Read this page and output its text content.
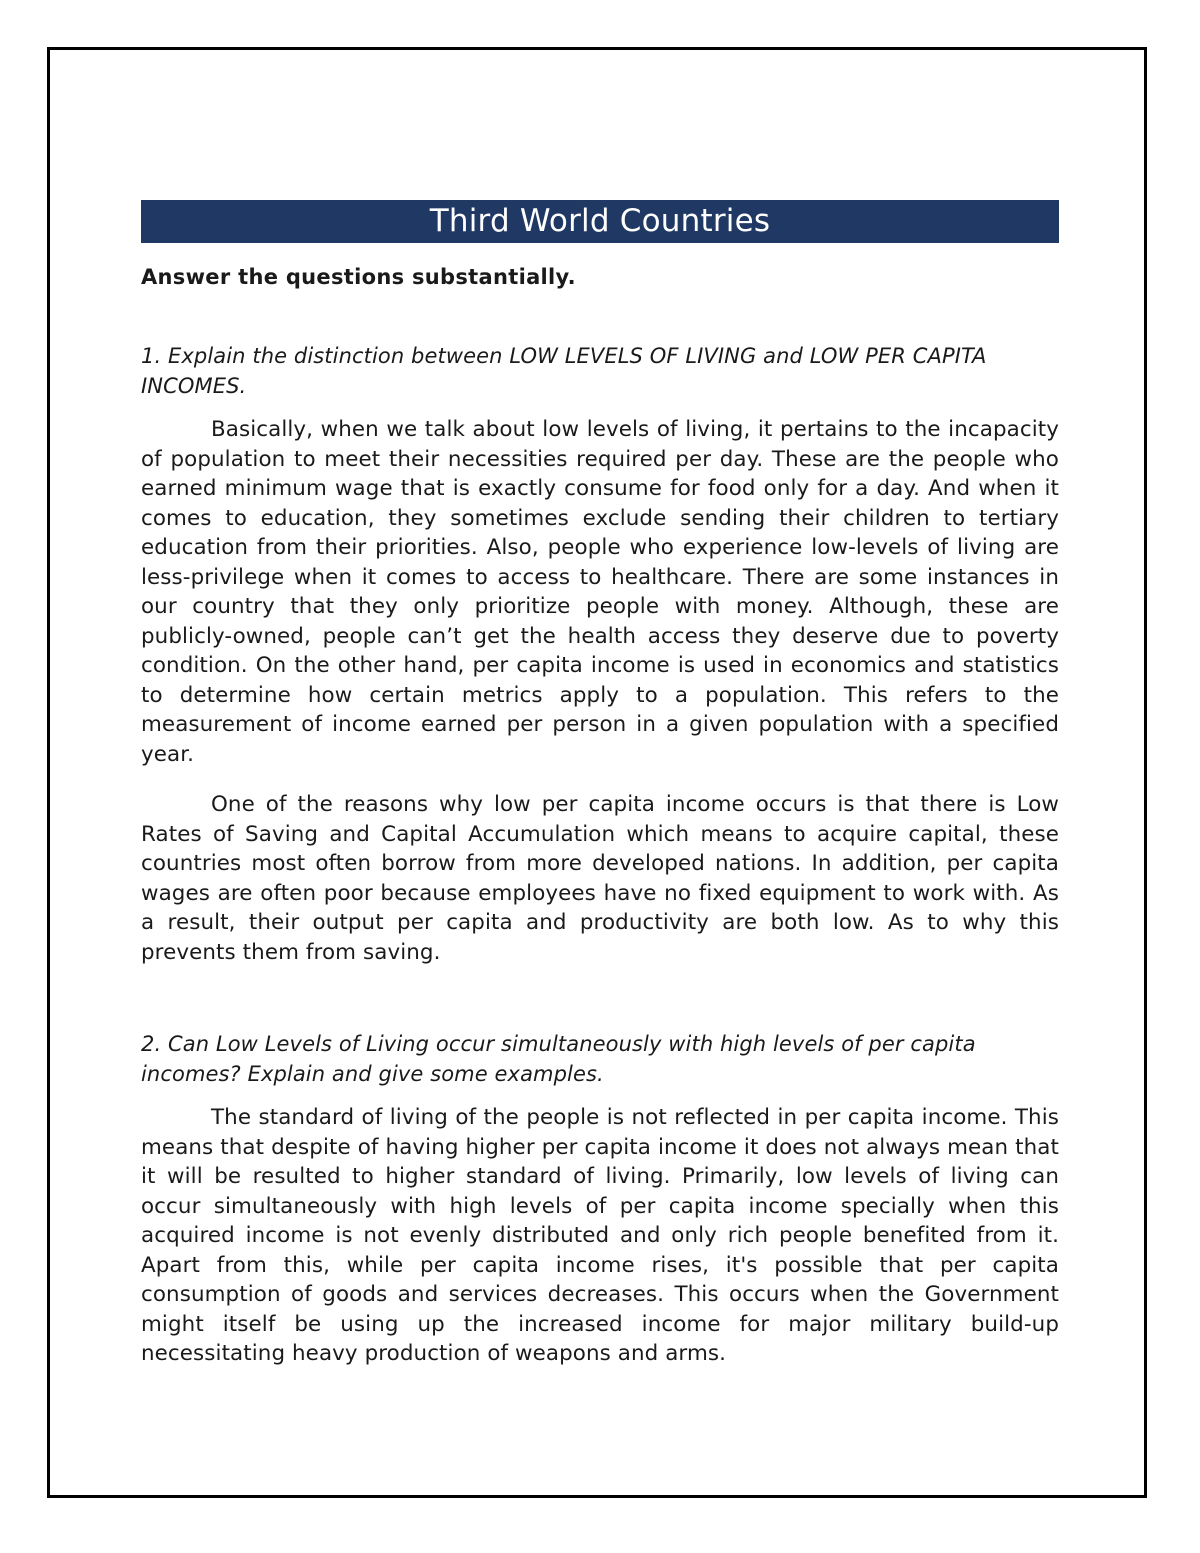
Third World Countries
Answer the questions substantially.
1. Explain the distinction between LOW LEVELS OF LIVING and LOW PER CAPITA INCOMES.

Basically, when we talk about low levels of living, it pertains to the incapacity of population to meet their necessities required per day. These are the people who earned minimum wage that is exactly consume for food only for a day. And when it comes to education, they sometimes exclude sending their children to tertiary education from their priorities. Also, people who experience low-levels of living are less-privilege when it comes to access to healthcare. There are some instances in our country that they only prioritize people with money. Although, these are publicly-owned, people can’t get the health access they deserve due to poverty condition. On the other hand, per capita income is used in economics and statistics to determine how certain metrics apply to a population. This refers to the measurement of income earned per person in a given population with a specified year.

One of the reasons why low per capita income occurs is that there is Low Rates of Saving and Capital Accumulation which means to acquire capital, these countries most often borrow from more developed nations. In addition, per capita wages are often poor because employees have no fixed equipment to work with. As a result, their output per capita and productivity are both low. As to why this prevents them from saving.

2. Can Low Levels of Living occur simultaneously with high levels of per capita incomes? Explain and give some examples.

The standard of living of the people is not reflected in per capita income. This means that despite of having higher per capita income it does not always mean that it will be resulted to higher standard of living. Primarily, low levels of living can occur simultaneously with high levels of per capita income specially when this acquired income is not evenly distributed and only rich people benefited from it. Apart from this, while per capita income rises, it's possible that per capita consumption of goods and services decreases. This occurs when the Government might itself be using up the increased income for major military build-up necessitating heavy production of weapons and arms.
